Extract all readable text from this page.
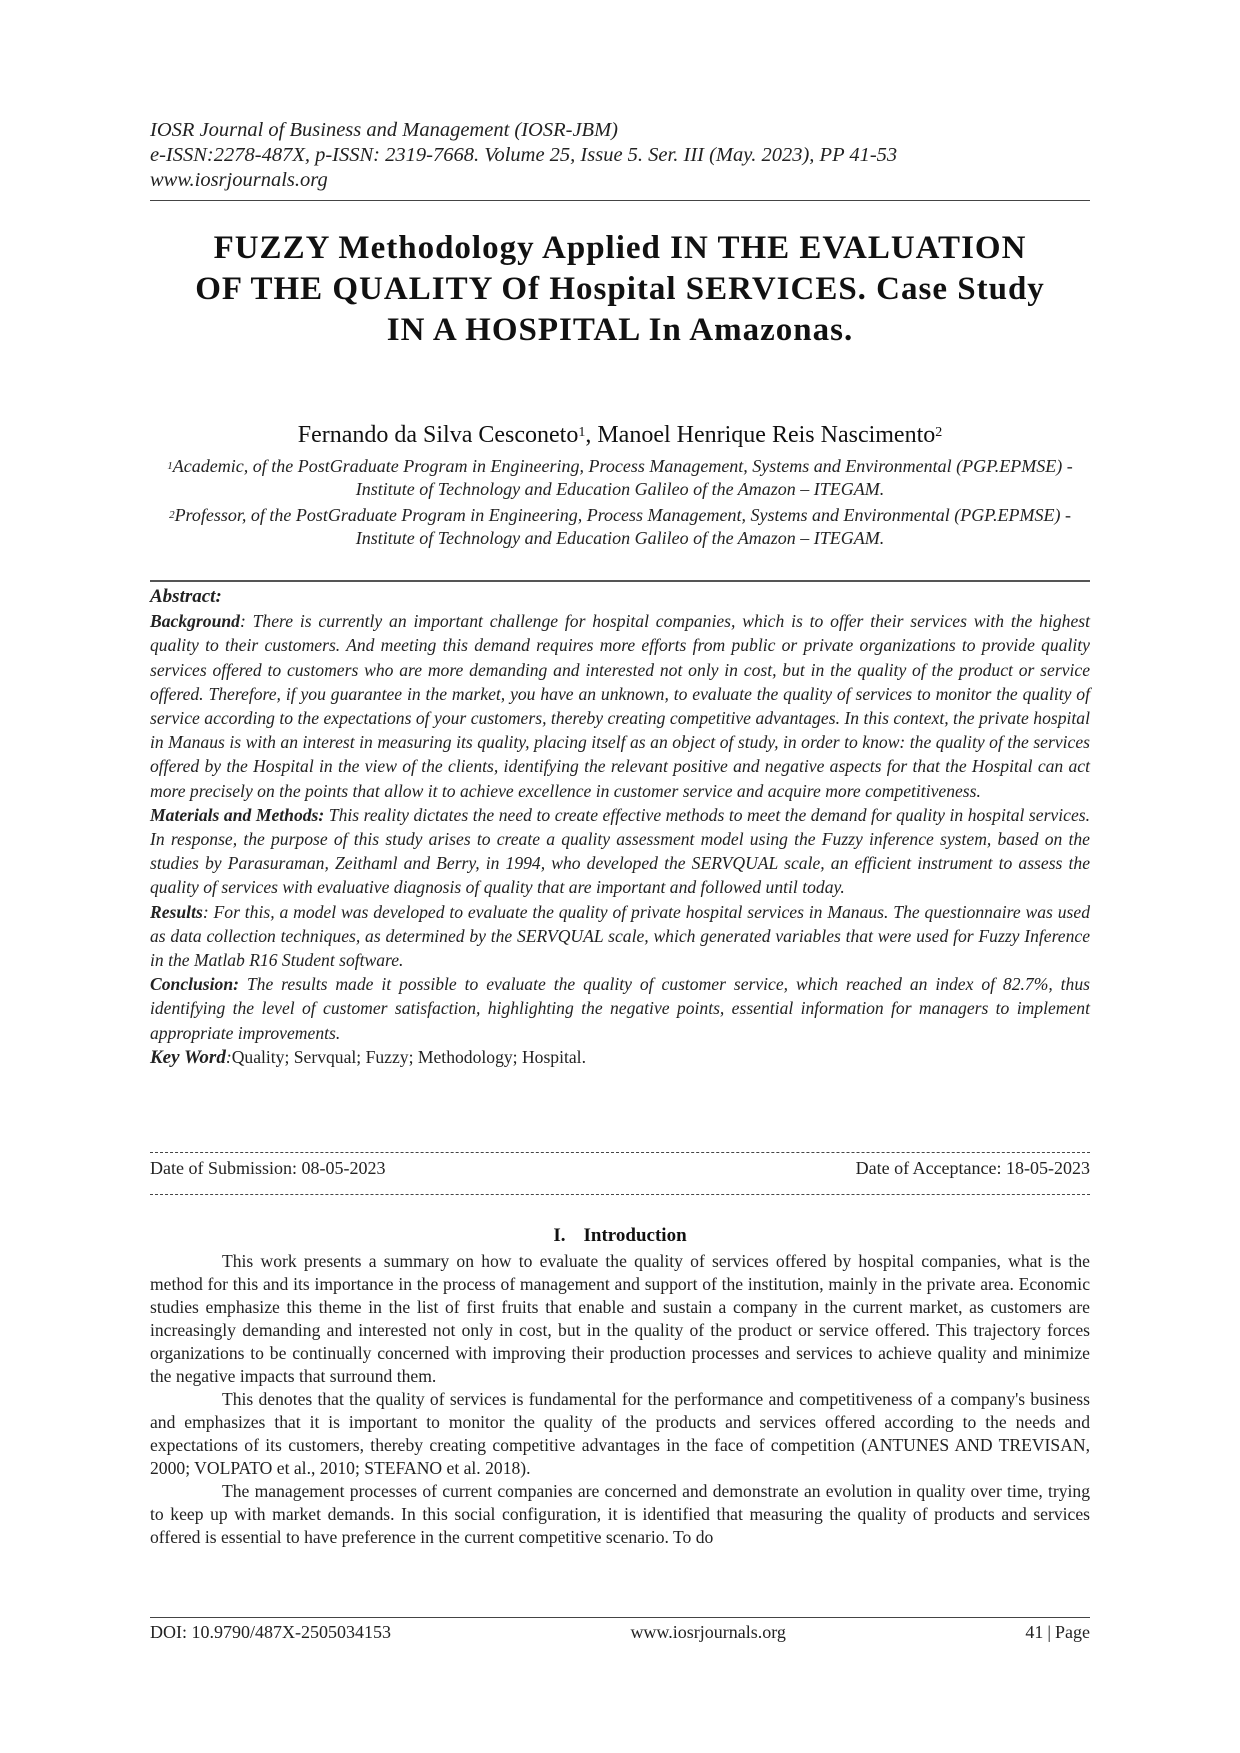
IOSR Journal of Business and Management (IOSR-JBM)
e-ISSN:2278-487X, p-ISSN: 2319-7668. Volume 25, Issue 5. Ser. III (May. 2023), PP 41-53
www.iosrjournals.org
FUZZY Methodology Applied IN THE EVALUATION OF THE QUALITY Of Hospital SERVICES. Case Study IN A HOSPITAL In Amazonas.
Fernando da Silva Cesconeto$^1$, Manoel Henrique Reis Nascimento$^2$
$^1$Academic, of the PostGraduate Program in Engineering, Process Management, Systems and Environmental (PGP.EPMSE) - Institute of Technology and Education Galileo of the Amazon – ITEGAM.
$^2$Professor, of the PostGraduate Program in Engineering, Process Management, Systems and Environmental (PGP.EPMSE) - Institute of Technology and Education Galileo of the Amazon – ITEGAM.
Abstract:
Background: There is currently an important challenge for hospital companies, which is to offer their services with the highest quality to their customers. And meeting this demand requires more efforts from public or private organizations to provide quality services offered to customers who are more demanding and interested not only in cost, but in the quality of the product or service offered. Therefore, if you guarantee in the market, you have an unknown, to evaluate the quality of services to monitor the quality of service according to the expectations of your customers, thereby creating competitive advantages. In this context, the private hospital in Manaus is with an interest in measuring its quality, placing itself as an object of study, in order to know: the quality of the services offered by the Hospital in the view of the clients, identifying the relevant positive and negative aspects for that the Hospital can act more precisely on the points that allow it to achieve excellence in customer service and acquire more competitiveness.
Materials and Methods: This reality dictates the need to create effective methods to meet the demand for quality in hospital services. In response, the purpose of this study arises to create a quality assessment model using the Fuzzy inference system, based on the studies by Parasuraman, Zeithaml and Berry, in 1994, who developed the SERVQUAL scale, an efficient instrument to assess the quality of services with evaluative diagnosis of quality that are important and followed until today.
Results: For this, a model was developed to evaluate the quality of private hospital services in Manaus. The questionnaire was used as data collection techniques, as determined by the SERVQUAL scale, which generated variables that were used for Fuzzy Inference in the Matlab R16 Student software.
Conclusion: The results made it possible to evaluate the quality of customer service, which reached an index of 82.7%, thus identifying the level of customer satisfaction, highlighting the negative points, essential information for managers to implement appropriate improvements.
Key Word:Quality; Servqual; Fuzzy; Methodology; Hospital.
Date of Submission: 08-05-2023	Date of Acceptance: 18-05-2023
I. Introduction

This work presents a summary on how to evaluate the quality of services offered by hospital companies, what is the method for this and its importance in the process of management and support of the institution, mainly in the private area. Economic studies emphasize this theme in the list of first fruits that enable and sustain a company in the current market, as customers are increasingly demanding and interested not only in cost, but in the quality of the product or service offered. This trajectory forces organizations to be continually concerned with improving their production processes and services to achieve quality and minimize the negative impacts that surround them.

This denotes that the quality of services is fundamental for the performance and competitiveness of a company's business and emphasizes that it is important to monitor the quality of the products and services offered according to the needs and expectations of its customers, thereby creating competitive advantages in the face of competition (ANTUNES AND TREVISAN, 2000; VOLPATO et al., 2010; STEFANO et al. 2018).

The management processes of current companies are concerned and demonstrate an evolution in quality over time, trying to keep up with market demands. In this social configuration, it is identified that measuring the quality of products and services offered is essential to have preference in the current competitive scenario. To do

DOI: 10.9790/487X-2505034153	www.iosrjournals.org	41 | Page
